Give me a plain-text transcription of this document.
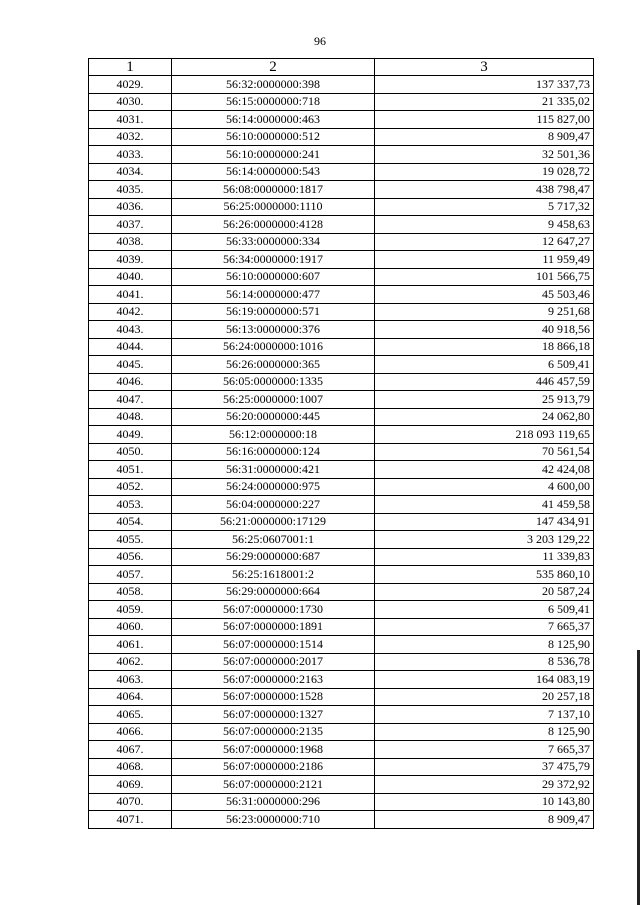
96
1	2	3
4029.	56:32:0000000:398	137 337,73
4030.	56:15:0000000:718	21 335,02
4031.	56:14:0000000:463	115 827,00
4032.	56:10:0000000:512	8 909,47
4033.	56:10:0000000:241	32 501,36
4034.	56:14:0000000:543	19 028,72
4035.	56:08:0000000:1817	438 798,47
4036.	56:25:0000000:1110	5 717,32
4037.	56:26:0000000:4128	9 458,63
4038.	56:33:0000000:334	12 647,27
4039.	56:34:0000000:1917	11 959,49
4040.	56:10:0000000:607	101 566,75
4041.	56:14:0000000:477	45 503,46
4042.	56:19:0000000:571	9 251,68
4043.	56:13:0000000:376	40 918,56
4044.	56:24:0000000:1016	18 866,18
4045.	56:26:0000000:365	6 509,41
4046.	56:05:0000000:1335	446 457,59
4047.	56:25:0000000:1007	25 913,79
4048.	56:20:0000000:445	24 062,80
4049.	56:12:0000000:18	218 093 119,65
4050.	56:16:0000000:124	70 561,54
4051.	56:31:0000000:421	42 424,08
4052.	56:24:0000000:975	4 600,00
4053.	56:04:0000000:227	41 459,58
4054.	56:21:0000000:17129	147 434,91
4055.	56:25:0607001:1	3 203 129,22
4056.	56:29:0000000:687	11 339,83
4057.	56:25:1618001:2	535 860,10
4058.	56:29:0000000:664	20 587,24
4059.	56:07:0000000:1730	6 509,41
4060.	56:07:0000000:1891	7 665,37
4061.	56:07:0000000:1514	8 125,90
4062.	56:07:0000000:2017	8 536,78
4063.	56:07:0000000:2163	164 083,19
4064.	56:07:0000000:1528	20 257,18
4065.	56:07:0000000:1327	7 137,10
4066.	56:07:0000000:2135	8 125,90
4067.	56:07:0000000:1968	7 665,37
4068.	56:07:0000000:2186	37 475,79
4069.	56:07:0000000:2121	29 372,92
4070.	56:31:0000000:296	10 143,80
4071.	56:23:0000000:710	8 909,47
